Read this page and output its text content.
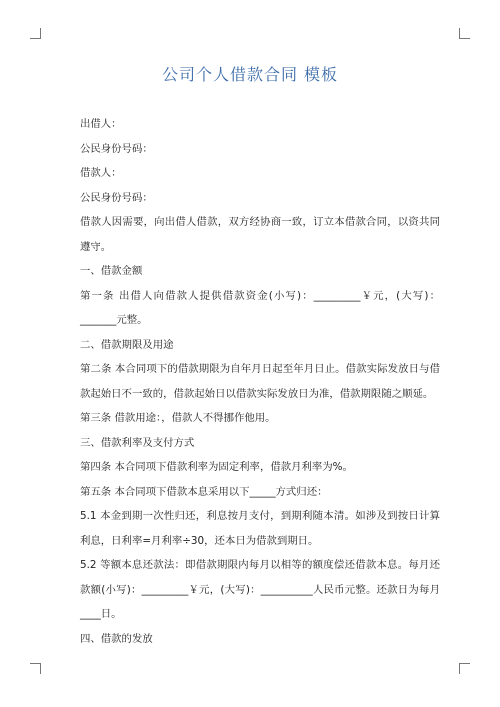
公司个人借款合同 模板

出借人：

公民身份号码：

借款人：

公民身份号码：

借款人因需要，向出借人借款，双方经协商一致，订立本借款合同，以资共同遵守。

一、借款金额

第一条 出借人向借款人提供借款资金(小写)：_________￥元，(大写)：_______元整。

二、借款期限及用途

第二条 本合同项下的借款期限为自年月日起至年月日止。借款实际发放日与借款起始日不一致的，借款起始日以借款实际发放日为准，借款期限随之顺延。

第三条 借款用途：，借款人不得挪作他用。

三、借款利率及支付方式

第四条 本合同项下借款利率为固定利率，借款月利率为%。

第五条 本合同项下借款本息采用以下_____方式归还：

5.1 本金到期一次性归还，利息按月支付，到期利随本清。如涉及到按日计算利息，日利率=月利率÷30，还本日为借款到期日。

5.2 等额本息还款法：即借款期限内每月以相等的额度偿还借款本息。每月还款额(小写)：_________￥元，(大写)：__________人民币元整。还款日为每月____日。

四、借款的发放
